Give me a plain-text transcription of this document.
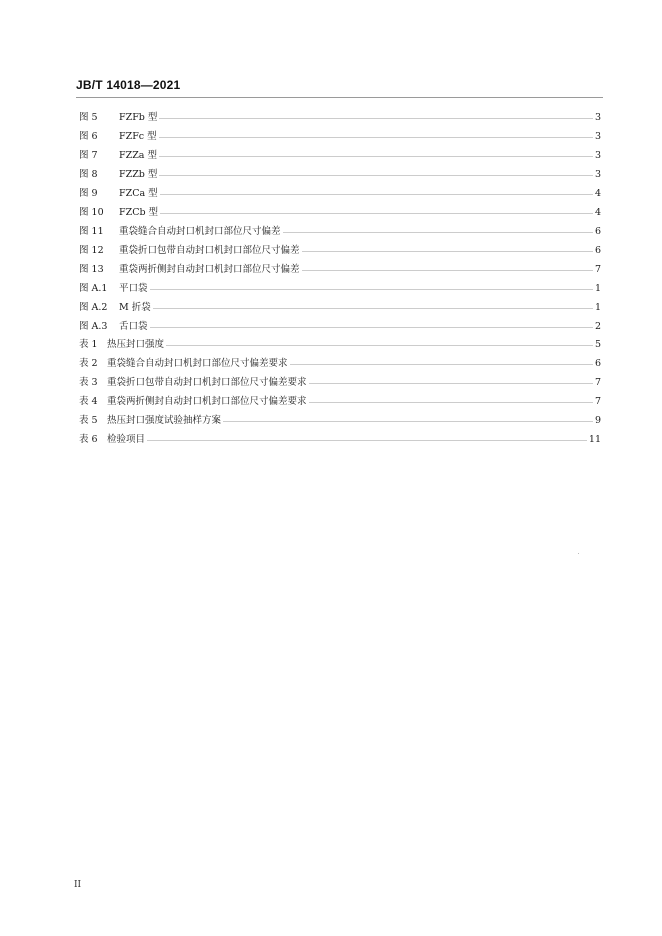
JB/T 14018—2021
图 5	FZFb 型	3
图 6	FZFc 型	3
图 7	FZZa 型	3
图 8	FZZb 型	3
图 9	FZCa 型	4
图 10	FZCb 型	4
图 11	重袋缝合自动封口机封口部位尺寸偏差	6
图 12	重袋折口包带自动封口机封口部位尺寸偏差	6
图 13	重袋两折侧封自动封口机封口部位尺寸偏差	7
图 A.1	平口袋	1
图 A.2	M 折袋	1
图 A.3	舌口袋	2
表 1 热压封口强度	5
表 2 重袋缝合自动封口机封口部位尺寸偏差要求	6
表 3 重袋折口包带自动封口机封口部位尺寸偏差要求	7
表 4 重袋两折侧封自动封口机封口部位尺寸偏差要求	7
表 5 热压封口强度试验抽样方案	9
表 6 检验项目	11
II
